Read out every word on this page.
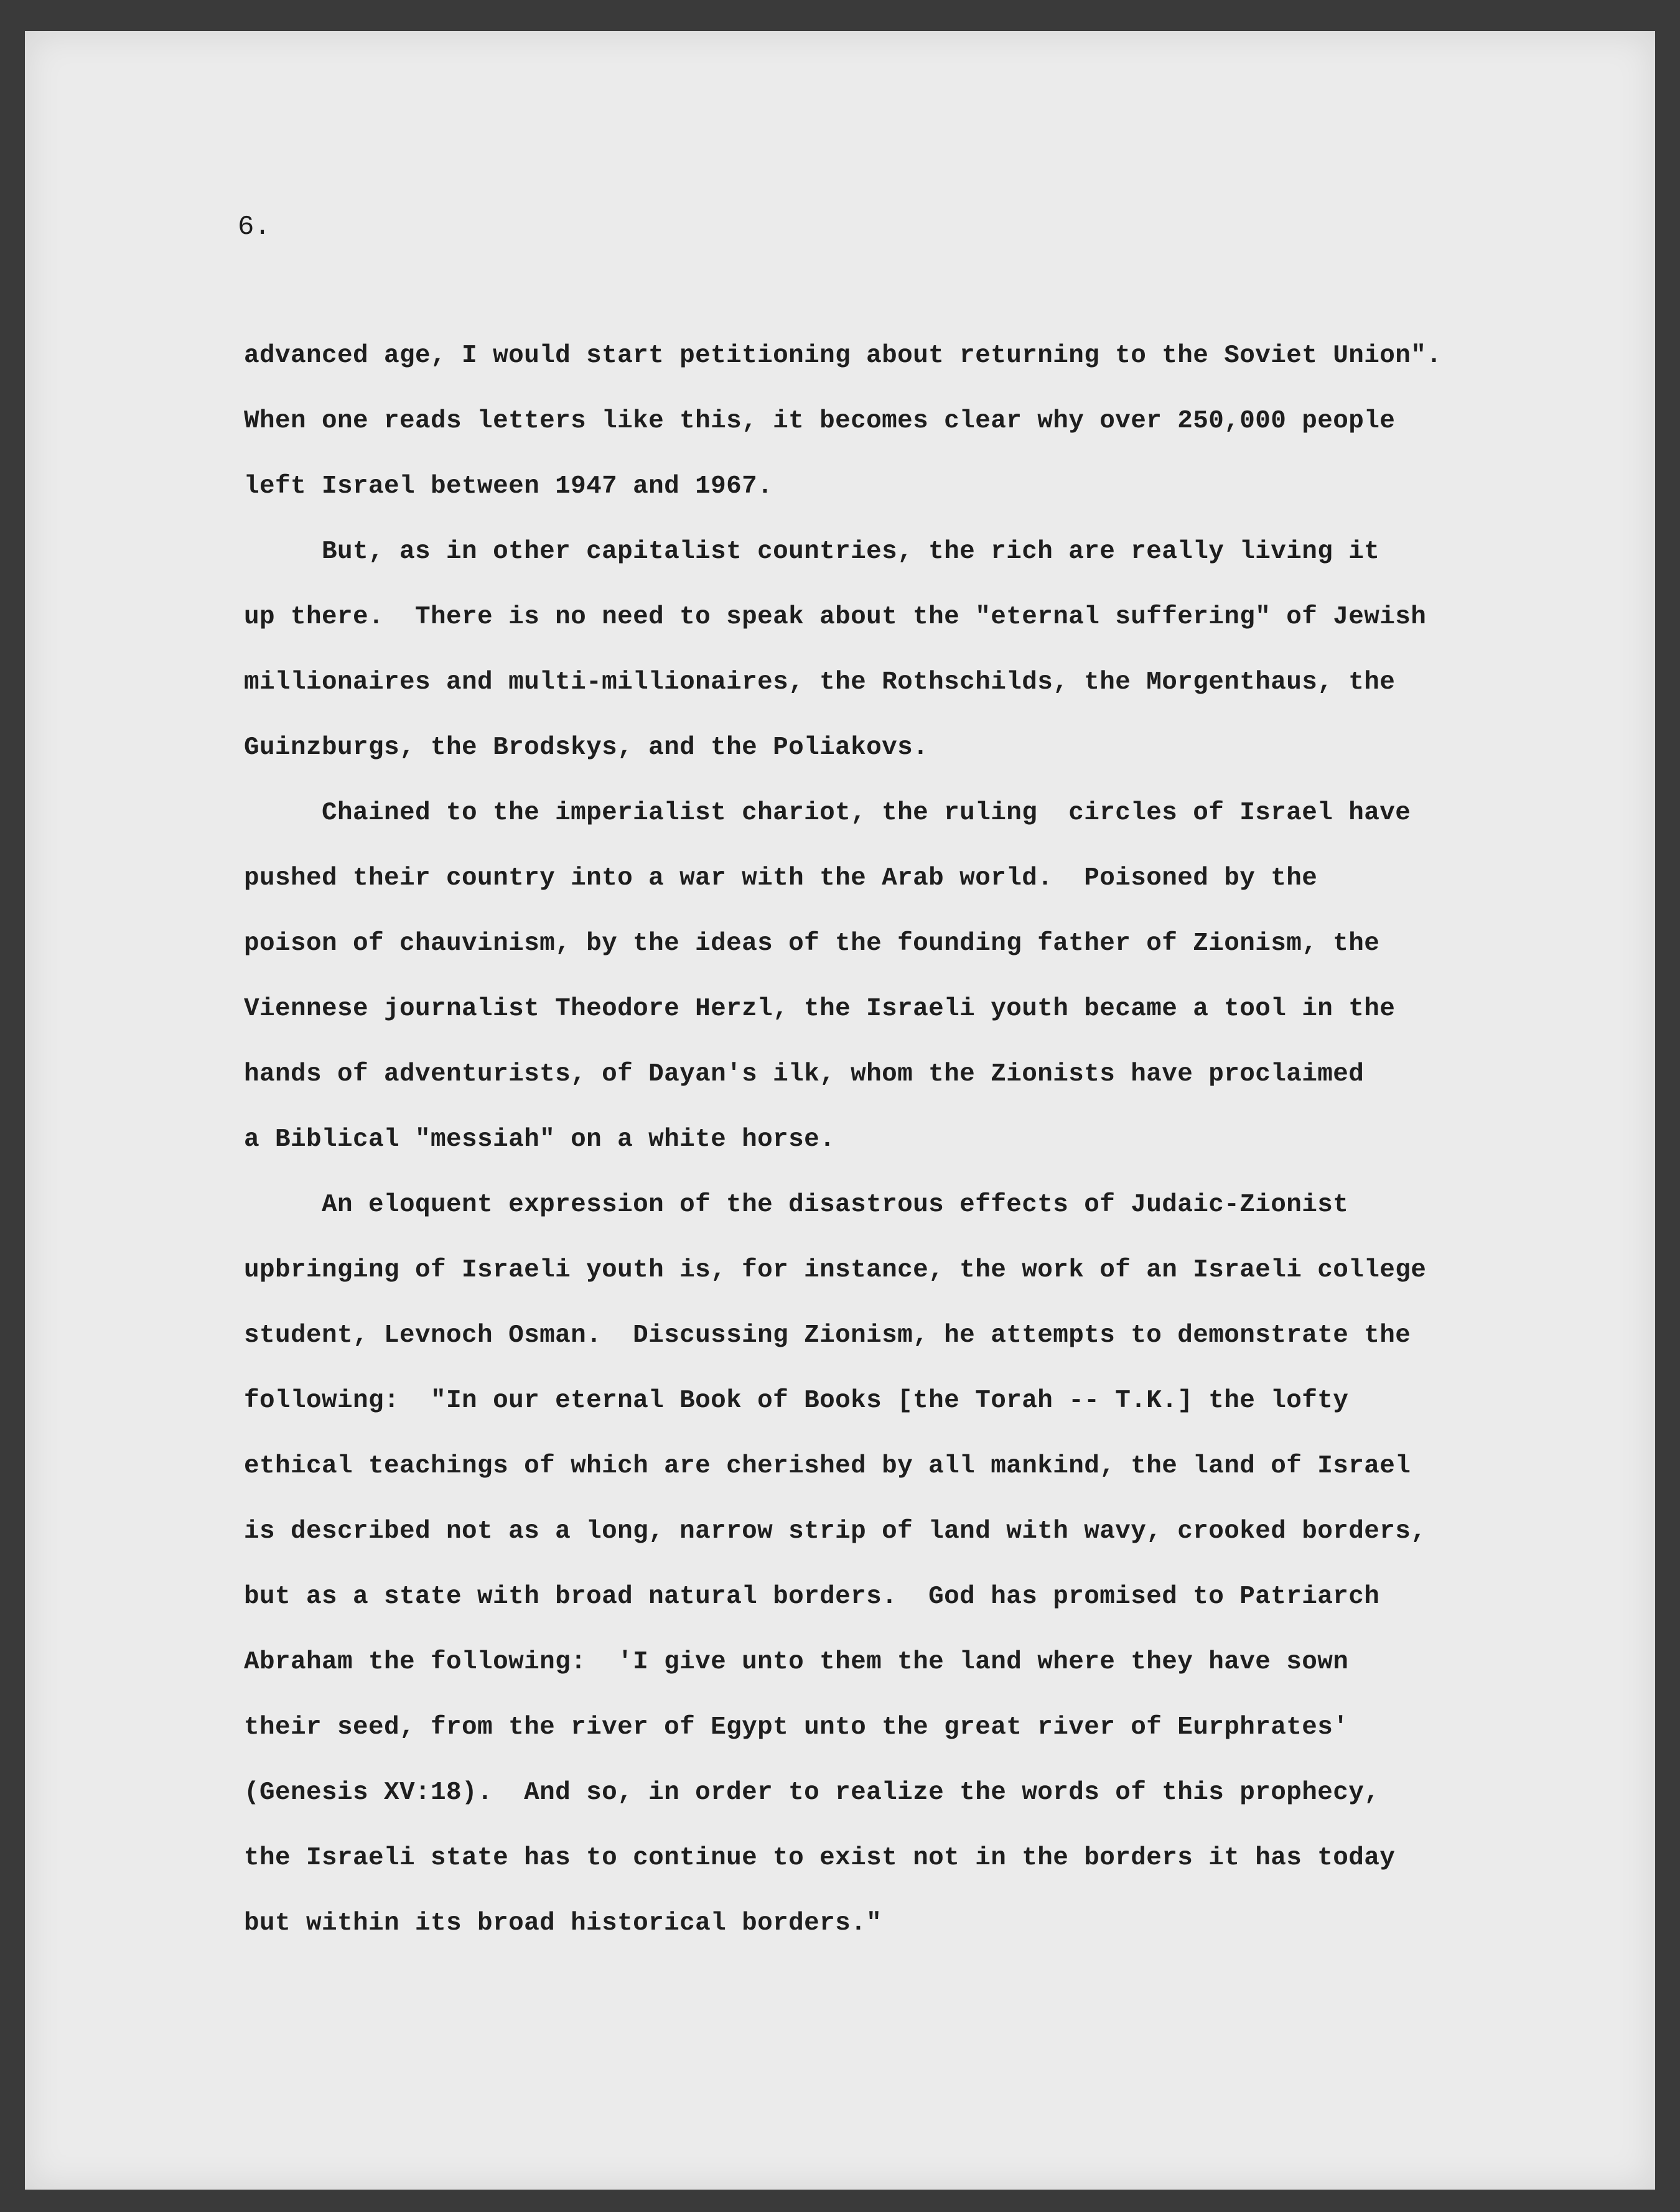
6.
advanced age, I would start petitioning about returning to the Soviet Union".
When one reads letters like this, it becomes clear why over 250,000 people
left Israel between 1947 and 1967.
But, as in other capitalist countries, the rich are really living it
up there.  There is no need to speak about the "eternal suffering" of Jewish
millionaires and multi-millionaires, the Rothschilds, the Morgenthaus, the
Guinzburgs, the Brodskys, and the Poliakovs.
Chained to the imperialist chariot, the ruling  circles of Israel have
pushed their country into a war with the Arab world.  Poisoned by the
poison of chauvinism, by the ideas of the founding father of Zionism, the
Viennese journalist Theodore Herzl, the Israeli youth became a tool in the
hands of adventurists, of Dayan's ilk, whom the Zionists have proclaimed
a Biblical "messiah" on a white horse.
An eloquent expression of the disastrous effects of Judaic-Zionist
upbringing of Israeli youth is, for instance, the work of an Israeli college
student, Levnoch Osman.  Discussing Zionism, he attempts to demonstrate the
following:  "In our eternal Book of Books [the Torah -- T.K.] the lofty
ethical teachings of which are cherished by all mankind, the land of Israel
is described not as a long, narrow strip of land with wavy, crooked borders,
but as a state with broad natural borders.  God has promised to Patriarch
Abraham the following:  'I give unto them the land where they have sown
their seed, from the river of Egypt unto the great river of Eurphrates'
(Genesis XV:18).  And so, in order to realize the words of this prophecy,
the Israeli state has to continue to exist not in the borders it has today
but within its broad historical borders."
